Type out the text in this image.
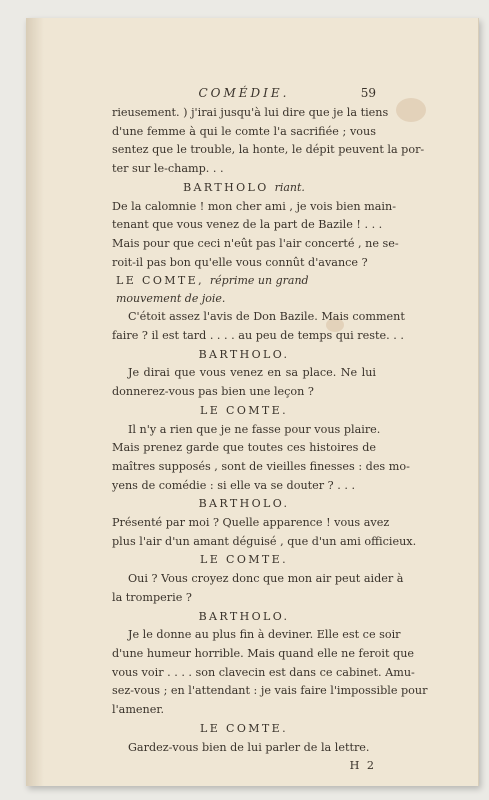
COMÉDIE.	59
rieusement. ) j'irai jusqu'à lui dire que je la tiens
d'une femme à qui le comte l'a sacrifiée ; vous
sentez que le trouble, la honte, le dépit peuvent la por-
ter sur le-champ. . .

BARTHOLO riant.

De la calomnie ! mon cher ami , je vois bien main-
tenant que vous venez de la part de Bazile ! . . .
Mais pour que ceci n'eût pas l'air concerté , ne se-
roit-il pas bon qu'elle vous connût d'avance ?

LE COMTE, réprime un grand mouvement de joie.

C'étoit assez l'avis de Don Bazile. Mais comment
faire ? il est tard . . . . au peu de temps qui reste. . .

BARTHOLO.

Je dirai que vous venez en sa place. Ne lui
donnerez-vous pas bien une leçon ?

LE COMTE.

Il n'y a rien que je ne fasse pour vous plaire.
Mais prenez garde que toutes ces histoires de
maîtres supposés , sont de vieilles finesses : des mo-
yens de comédie : si elle va se douter ? . . .

BARTHOLO.

Présenté par moi ? Quelle apparence ! vous avez
plus l'air d'un amant déguisé , que d'un ami officieux.

LE COMTE.

Oui ? Vous croyez donc que mon air peut aider à
la tromperie ?

BARTHOLO.

Je le donne au plus fin à deviner. Elle est ce soir
d'une humeur horrible. Mais quand elle ne feroit que
vous voir . . . . son clavecin est dans ce cabinet. Amu-
sez-vous ; en l'attendant : je vais faire l'impossible pour
l'amener.

LE COMTE.

Gardez-vous bien de lui parler de la lettre.

H 2
